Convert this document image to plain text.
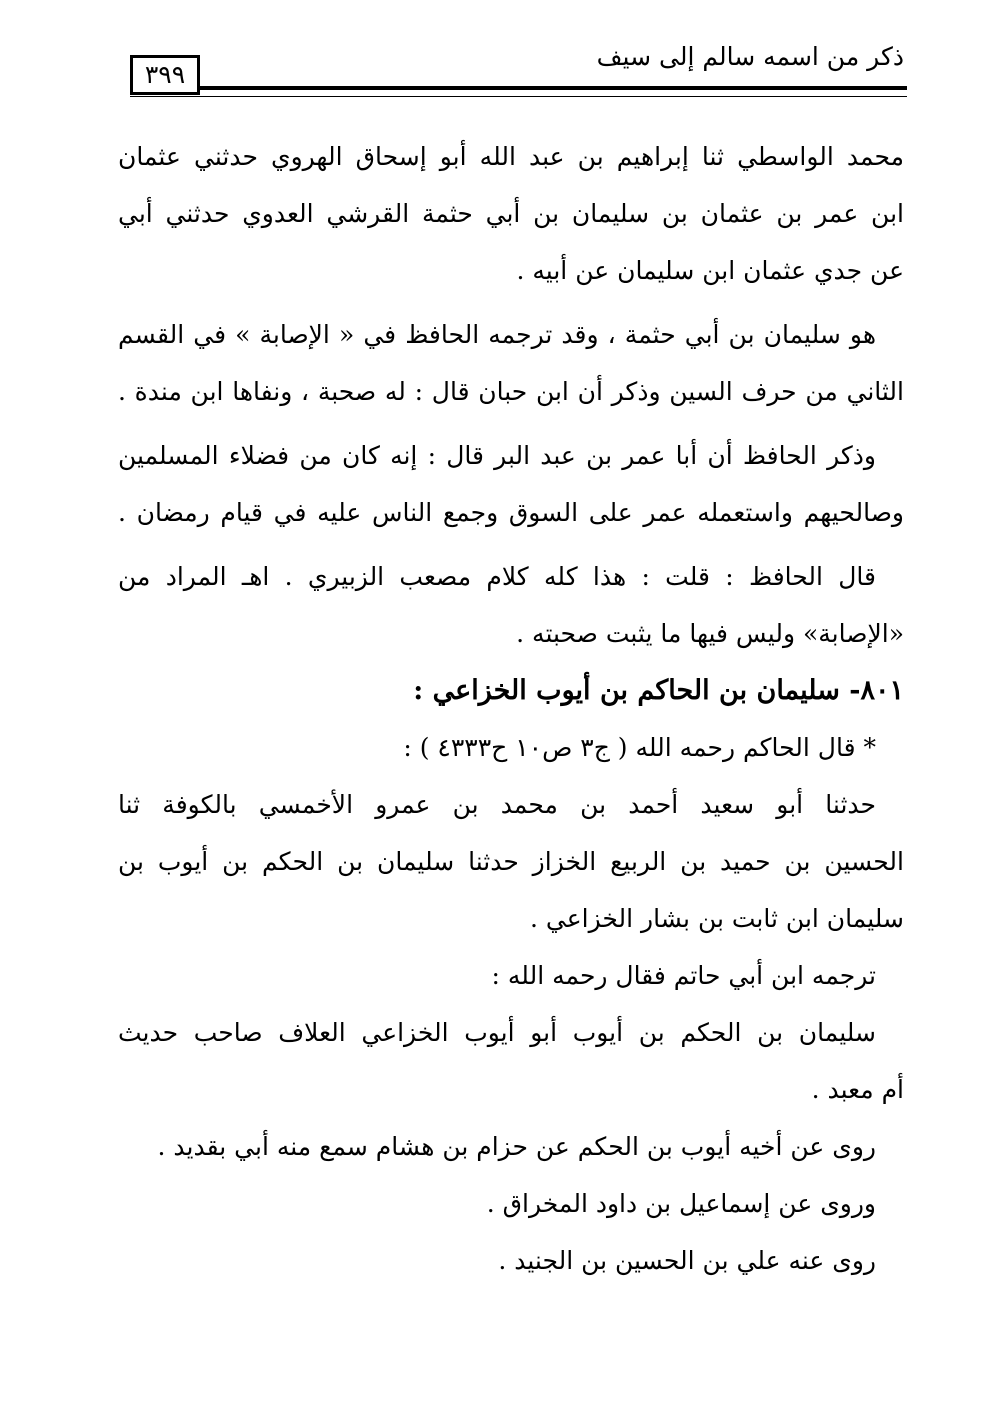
ذكر من اسمه سالم إلى سيف
٣٩٩
محمد الواسطي ثنا إبراهيم بن عبد الله أبو إسحاق الهروي حدثني عثمان
ابن عمر بن عثمان بن سليمان بن أبي حثمة القرشي العدوي حدثني أبي
عن جدي عثمان ابن سليمان عن أبيه .
هو سليمان بن أبي حثمة ، وقد ترجمه الحافظ في « الإصابة » في القسم
الثاني من حرف السين وذكر أن ابن حبان قال : له صحبة ، ونفاها ابن مندة .
وذكر الحافظ أن أبا عمر بن عبد البر قال : إنه كان من فضلاء المسلمين
وصالحيهم واستعمله عمر على السوق وجمع الناس عليه في قيام رمضان .
قال الحافظ : قلت : هذا كله كلام مصعب الزبيري . اهـ المراد من
«الإصابة» وليس فيها ما يثبت صحبته .
٨٠١- سليمان بن الحاكم بن أيوب الخزاعي :
* قال الحاكم رحمه الله ( ج٣ ص١٠ ح٤٣٣٣ ) :
حدثنا أبو سعيد أحمد بن محمد بن عمرو الأخمسي بالكوفة ثنا
الحسين بن حميد بن الربيع الخزاز حدثنا سليمان بن الحكم بن أيوب بن
سليمان ابن ثابت بن بشار الخزاعي .
ترجمه ابن أبي حاتم فقال رحمه الله :
سليمان بن الحكم بن أيوب أبو أيوب الخزاعي العلاف صاحب حديث
أم معبد .
روى عن أخيه أيوب بن الحكم عن حزام بن هشام سمع منه أبي بقديد .
وروى عن إسماعيل بن داود المخراق .
روى عنه علي بن الحسين بن الجنيد .
